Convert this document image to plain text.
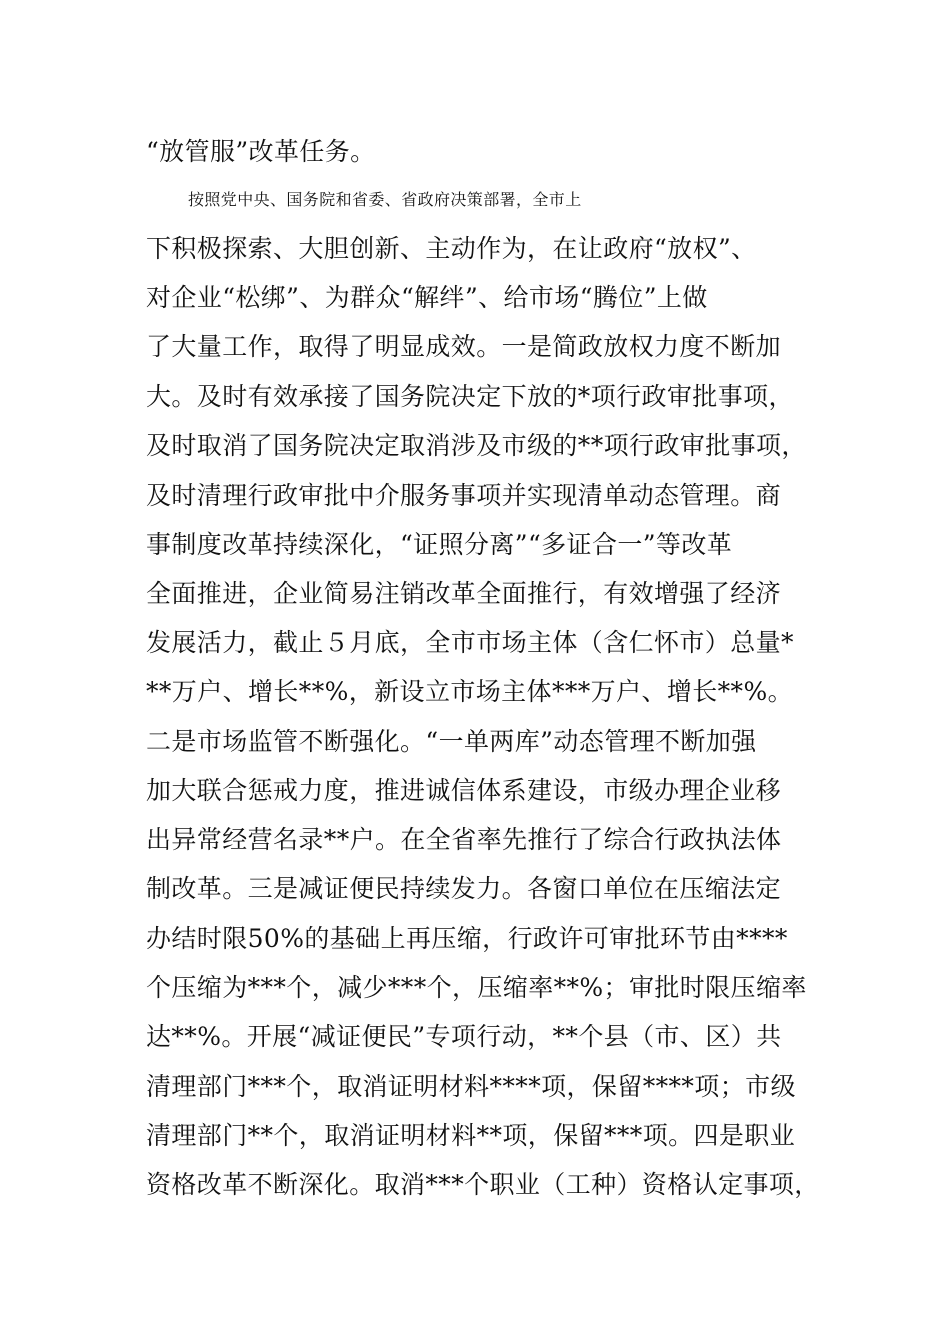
“放管服”改革任务。
按照党中央、国务院和省委、省政府决策部署，全市上
下积极探索、大胆创新、主动作为，在让政府“放权”、
对企业“松绑”、为群众“解绊”、给市场“腾位”上做
了大量工作，取得了明显成效。一是简政放权力度不断加
大。及时有效承接了国务院决定下放的*项行政审批事项，
及时取消了国务院决定取消涉及市级的**项行政审批事项，
及时清理行政审批中介服务事项并实现清单动态管理。商
事制度改革持续深化，“证照分离”“多证合一”等改革
全面推进，企业简易注销改革全面推行，有效增强了经济
发展活力，截止５月底，全市市场主体（含仁怀市）总量*
**万户、增长**%，新设立市场主体***万户、增长**%。
二是市场监管不断强化。“一单两库”动态管理不断加强
加大联合惩戒力度，推进诚信体系建设，市级办理企业移
出异常经营名录**户。在全省率先推行了综合行政执法体
制改革。三是减证便民持续发力。各窗口单位在压缩法定
办结时限50%的基础上再压缩，行政许可审批环节由****
个压缩为***个，减少***个，压缩率**%；审批时限压缩率
达**%。开展“减证便民”专项行动，**个县（市、区）共
清理部门***个，取消证明材料****项，保留****项；市级
清理部门**个，取消证明材料**项，保留***项。四是职业
资格改革不断深化。取消***个职业（工种）资格认定事项，
